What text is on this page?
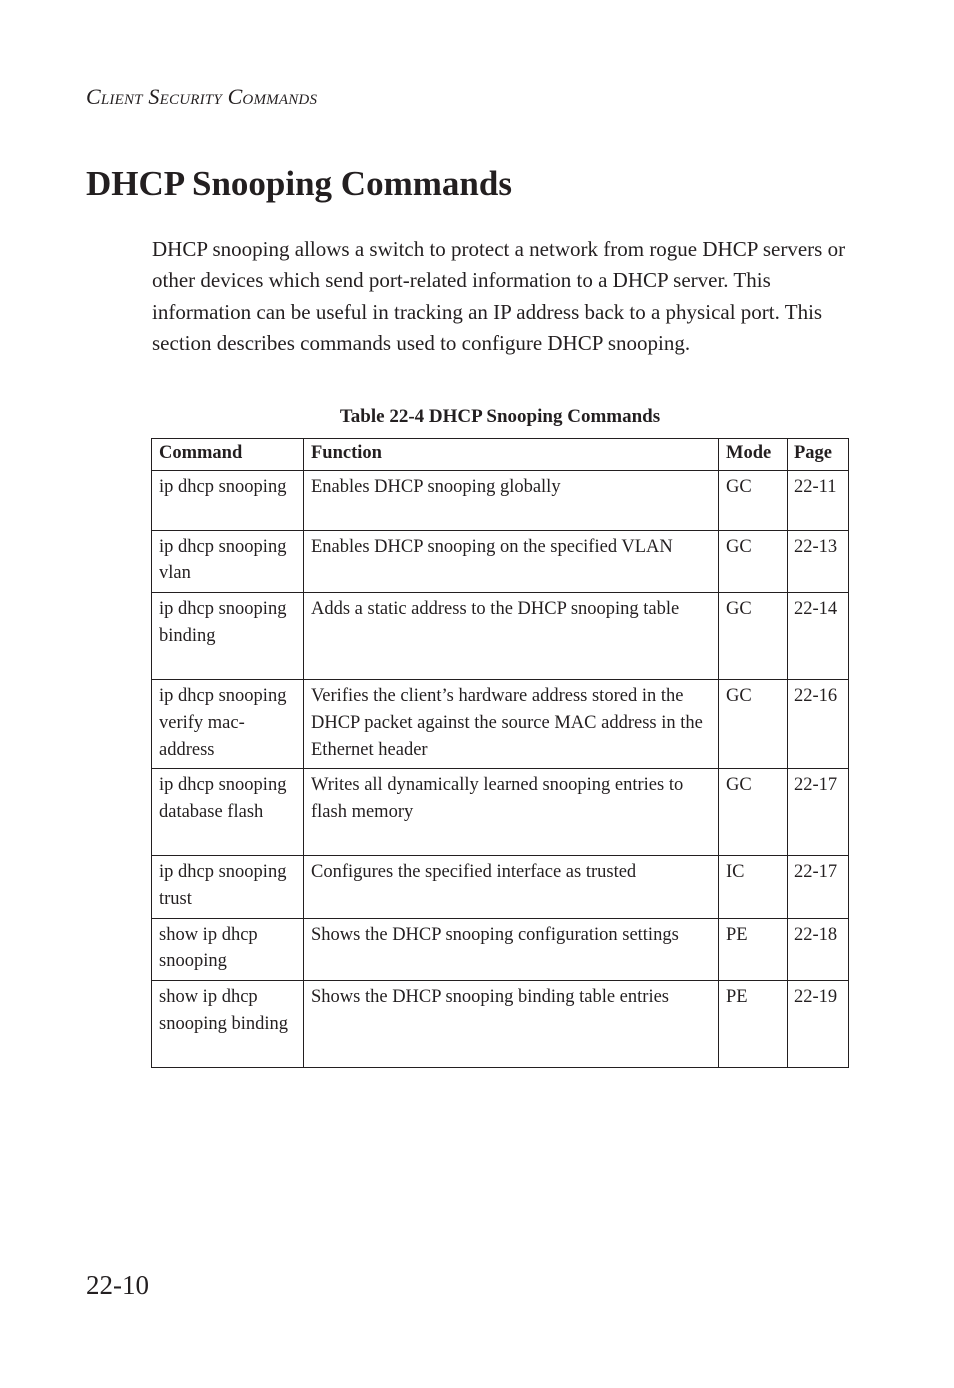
Client Security Commands
DHCP Snooping Commands

DHCP snooping allows a switch to protect a network from rogue DHCP servers or other devices which send port-related information to a DHCP server. This information can be useful in tracking an IP address back to a physical port. This section describes commands used to configure DHCP snooping.

Table 22-4 DHCP Snooping Commands
Command	Function	Mode	Page
ip dhcp snooping	Enables DHCP snooping globally	GC	22-11
ip dhcp snooping vlan	Enables DHCP snooping on the specified VLAN	GC	22-13
ip dhcp snooping binding	Adds a static address to the DHCP snooping table	GC	22-14
ip dhcp snooping verify mac-address	Verifies the client’s hardware address stored in the DHCP packet against the source MAC address in the Ethernet header	GC	22-16
ip dhcp snooping database flash	Writes all dynamically learned snooping entries to flash memory	GC	22-17
ip dhcp snooping trust	Configures the specified interface as trusted	IC	22-17
show ip dhcp snooping	Shows the DHCP snooping configuration settings	PE	22-18
show ip dhcp snooping binding	Shows the DHCP snooping binding table entries	PE	22-19
22-10
